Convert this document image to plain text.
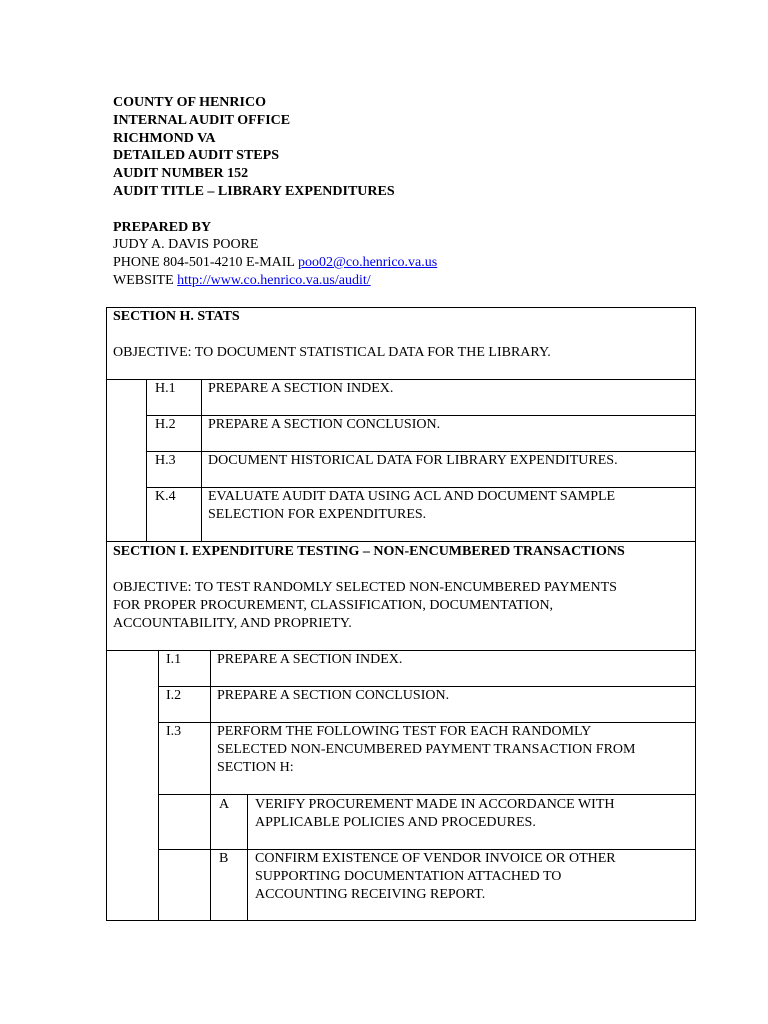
COUNTY OF HENRICO
INTERNAL AUDIT OFFICE
RICHMOND VA
DETAILED AUDIT STEPS
AUDIT NUMBER 152
AUDIT TITLE – LIBRARY EXPENDITURES
PREPARED BY
JUDY A. DAVIS POORE
PHONE 804-501-4210 E-MAIL poo02@co.henrico.va.us
WEBSITE http://www.co.henrico.va.us/audit/
SECTION H. STATS
OBJECTIVE: TO DOCUMENT STATISTICAL DATA FOR THE LIBRARY.
H.1 PREPARE A SECTION INDEX.
H.2 PREPARE A SECTION CONCLUSION.
H.3 DOCUMENT HISTORICAL DATA FOR LIBRARY EXPENDITURES.
K.4 EVALUATE AUDIT DATA USING ACL AND DOCUMENT SAMPLE
SELECTION FOR EXPENDITURES.
SECTION I. EXPENDITURE TESTING – NON-ENCUMBERED TRANSACTIONS
OBJECTIVE: TO TEST RANDOMLY SELECTED NON-ENCUMBERED PAYMENTS
FOR PROPER PROCUREMENT, CLASSIFICATION, DOCUMENTATION,
ACCOUNTABILITY, AND PROPRIETY.
I.1	PREPARE A SECTION INDEX.
I.2	PREPARE A SECTION CONCLUSION.
I.3	PERFORM THE FOLLOWING TEST FOR EACH RANDOMLY
SELECTED NON-ENCUMBERED PAYMENT TRANSACTION FROM
SECTION H:
A VERIFY PROCUREMENT MADE IN ACCORDANCE WITH
APPLICABLE POLICIES AND PROCEDURES.
B CONFIRM EXISTENCE OF VENDOR INVOICE OR OTHER
SUPPORTING DOCUMENTATION ATTACHED TO
ACCOUNTING RECEIVING REPORT.
